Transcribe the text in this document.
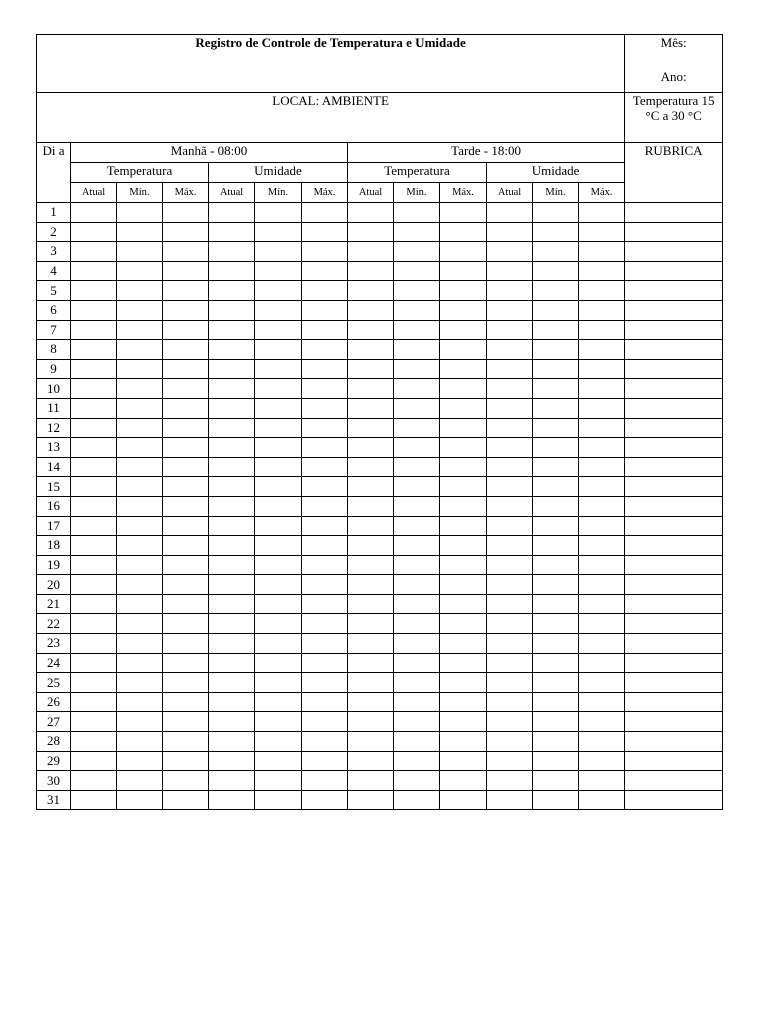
Registro de Controle de Temperatura e Umidade													Mês:
Ano:

LOCAL: AMBIENTE													Temperatura 15 °C a 30 °C
Di a	Manhã - 08:00						Tarde - 18:00						RUBRICA
	Temperatura			Umidade			Temperatura			Umidade			
	Atual	Mín.	Máx.	Atual	Mín.	Máx.	Atual	Mín.	Máx.	Atual	Mín.	Máx.	
1													
2													
3													
4													
5													
6													
7													
8													
9													
10													
11													
12													
13													
14													
15													
16													
17													
18													
19													
20													
21													
22													
23													
24													
25													
26													
27													
28													
29													
30													
31													
